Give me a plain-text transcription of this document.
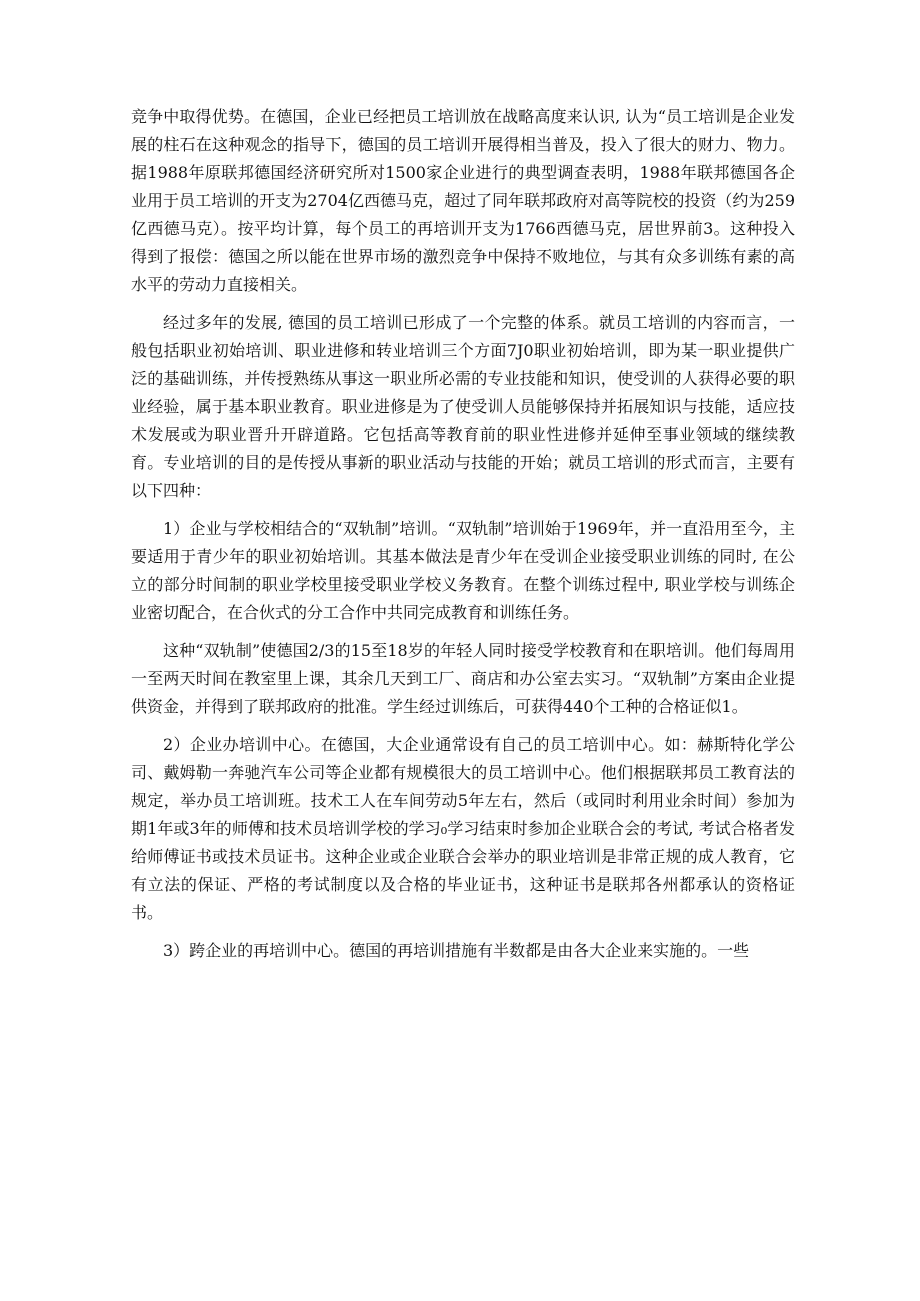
竞争中取得优势。在德国，企业已经把员工培训放在战略高度来认识, 认为“员工培训是企业发展的柱石在这种观念的指导下，德国的员工培训开展得相当普及，投入了很大的财力、物力。据1988年原联邦德国经济研究所对1500家企业进行的典型调查表明，1988年联邦德国各企业用于员工培训的开支为2704亿西德马克，超过了同年联邦政府对高等院校的投资（约为259亿西德马克）。按平均计算，每个员工的再培训开支为1766西德马克，居世界前3。这种投入得到了报偿：德国之所以能在世界市场的激烈竞争中保持不败地位，与其有众多训练有素的高水平的劳动力直接相关。

经过多年的发展, 德国的员工培训已形成了一个完整的体系。就员工培训的内容而言，一般包括职业初始培训、职业进修和转业培训三个方面7J0职业初始培训，即为某一职业提供广泛的基础训练，并传授熟练从事这一职业所必需的专业技能和知识，使受训的人获得必要的职业经验，属于基本职业教育。职业进修是为了使受训人员能够保持并拓展知识与技能，适应技术发展或为职业晋升开辟道路。它包括高等教育前的职业性进修并延伸至事业领域的继续教育。专业培训的目的是传授从事新的职业活动与技能的开始；就员工培训的形式而言，主要有以下四种：

1）企业与学校相结合的“双轨制”培训。“双轨制”培训始于1969年，并一直沿用至今，主要适用于青少年的职业初始培训。其基本做法是青少年在受训企业接受职业训练的同时, 在公立的部分时间制的职业学校里接受职业学校义务教育。在整个训练过程中, 职业学校与训练企业密切配合，在合伙式的分工合作中共同完成教育和训练任务。

这种“双轨制”使德国2/3的15至18岁的年轻人同时接受学校教育和在职培训。他们每周用一至两天时间在教室里上课，其余几天到工厂、商店和办公室去实习。“双轨制”方案由企业提供资金，并得到了联邦政府的批准。学生经过训练后，可获得440个工种的合格证似1。

2）企业办培训中心。在德国，大企业通常设有自己的员工培训中心。如：赫斯特化学公司、戴姆勒一奔驰汽车公司等企业都有规模很大的员工培训中心。他们根据联邦员工教育法的规定，举办员工培训班。技术工人在车间劳动5年左右，然后（或同时利用业余时间）参加为期1年或3年的师傅和技术员培训学校的学习₀学习结束时参加企业联合会的考试, 考试合格者发给师傅证书或技术员证书。这种企业或企业联合会举办的职业培训是非常正规的成人教育，它有立法的保证、严格的考试制度以及合格的毕业证书，这种证书是联邦各州都承认的资格证书。

3）跨企业的再培训中心。德国的再培训措施有半数都是由各大企业来实施的。一些
